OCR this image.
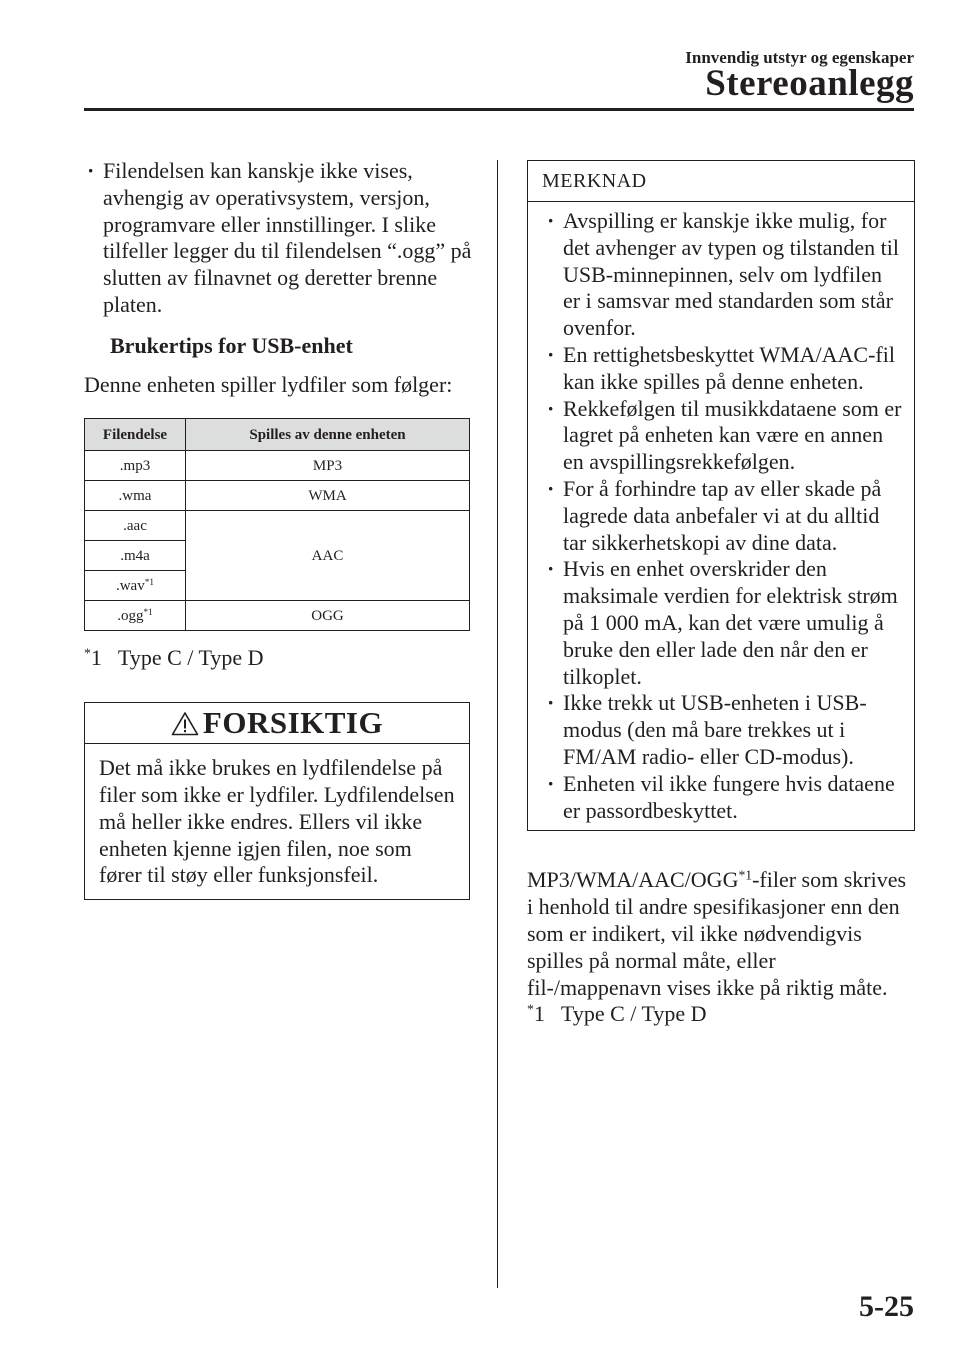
Innvendig utstyr og egenskaper
Stereoanlegg
· Filendelsen kan kanskje ikke vises, avhengig av operativsystem, versjon, programvare eller innstillinger. I slike tilfeller legger du til filendelsen “.ogg” på slutten av filnavnet og deretter brenne platen.
Brukertips for USB-enhet
Denne enheten spiller lydfiler som følger:
Filendelse	Spilles av denne enheten
.mp3	MP3
.wma	WMA
.aac	AAC
.m4a	
.wav$^{*1}$
.ogg$^{*1}$	OGG
*1   Type C / Type D
FORSIKTIG
Det må ikke brukes en lydfilendelse på filer som ikke er lydfiler. Lydfilendelsen må heller ikke endres. Ellers vil ikke enheten kjenne igjen filen, noe som fører til støy eller funksjonsfeil.
MERKNAD
· Avspilling er kanskje ikke mulig, for det avhenger av typen og tilstanden til USB-minnepinnen, selv om lydfilen er i samsvar med standarden som står ovenfor.
· En rettighetsbeskyttet WMA/AAC-fil kan ikke spilles på denne enheten.
· Rekkefølgen til musikkdataene som er lagret på enheten kan være en annen en avspillingsrekkefølgen.
· For å forhindre tap av eller skade på lagrede data anbefaler vi at du alltid tar sikkerhetskopi av dine data.
· Hvis en enhet overskrider den maksimale verdien for elektrisk strøm på 1 000 mA, kan det være umulig å bruke den eller lade den når den er tilkoplet.
· Ikke trekk ut USB-enheten i USB-modus (den må bare trekkes ut i FM/AM radio- eller CD-modus).
· Enheten vil ikke fungere hvis dataene er passordbeskyttet.
MP3/WMA/AAC/OGG$^{*1}$-filer som skrives i henhold til andre spesifikasjoner enn den som er indikert, vil ikke nødvendigvis spilles på normal måte, eller fil-/mappenavn vises ikke på riktig måte.
*1   Type C / Type D
5-25
